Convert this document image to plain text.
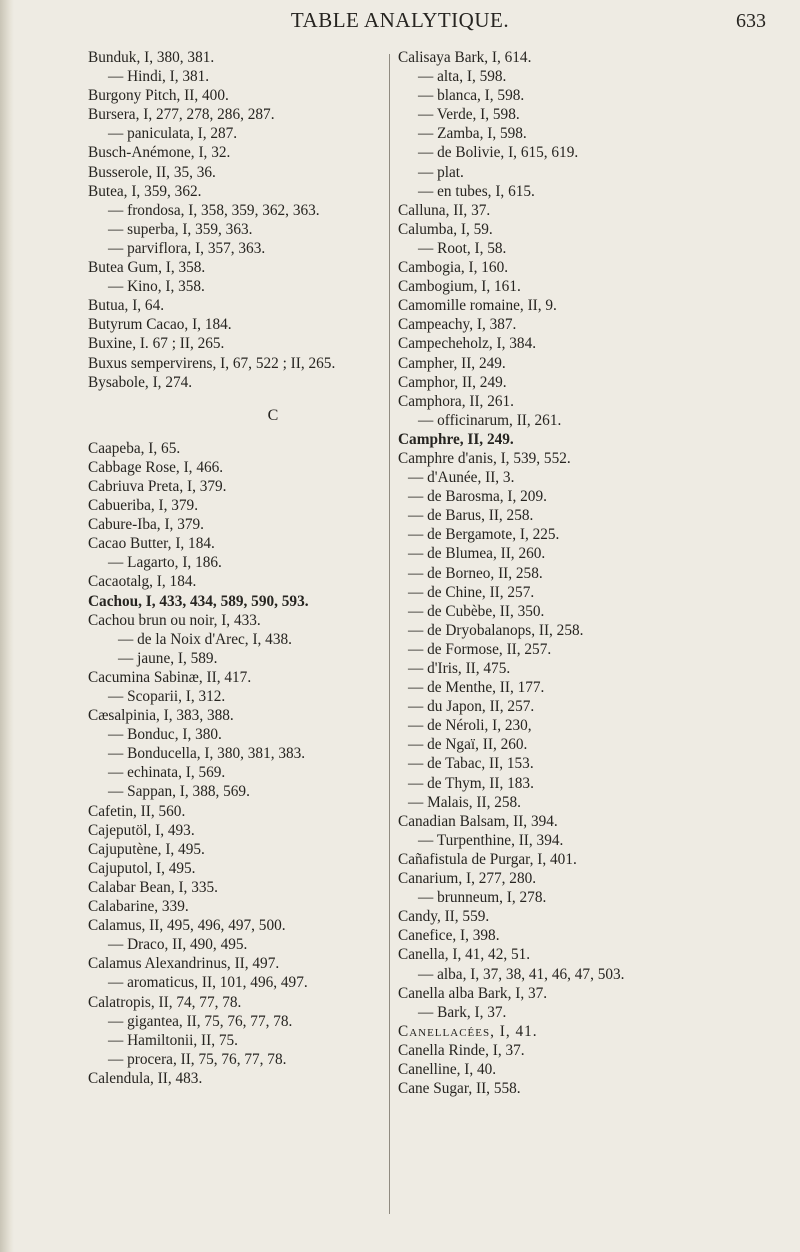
TABLE ANALYTIQUE.	633
Bunduk, I, 380, 381.
— Hindi, I, 381.
Burgony Pitch, II, 400.
Bursera, I, 277, 278, 286, 287.
— paniculata, I, 287.
Busch-Anémone, I, 32.
Busserole, II, 35, 36.
Butea, I, 359, 362.
— frondosa, I, 358, 359, 362, 363.
— superba, I, 359, 363.
— parviflora, I, 357, 363.
Butea Gum, I, 358.
— Kino, I, 358.
Butua, I, 64.
Butyrum Cacao, I, 184.
Buxine, I. 67 ; II, 265.
Buxus sempervirens, I, 67, 522 ; II, 265.
Bysabole, I, 274.
C
Caapeba, I, 65.
Cabbage Rose, I, 466.
Cabriuva Preta, I, 379.
Cabueriba, I, 379.
Cabure-Iba, I, 379.
Cacao Butter, I, 184.
— Lagarto, I, 186.
Cacaotalg, I, 184.
Cachou, I, 433, 434, 589, 590, 593.
Cachou brun ou noir, I, 433.
— de la Noix d'Arec, I, 438.
— jaune, I, 589.
Cacumina Sabinæ, II, 417.
— Scoparii, I, 312.
Cæsalpinia, I, 383, 388.
— Bonduc, I, 380.
— Bonducella, I, 380, 381, 383.
— echinata, I, 569.
— Sappan, I, 388, 569.
Cafetin, II, 560.
Cajeputöl, I, 493.
Cajuputène, I, 495.
Cajuputol, I, 495.
Calabar Bean, I, 335.
Calabarine, 339.
Calamus, II, 495, 496, 497, 500.
— Draco, II, 490, 495.
Calamus Alexandrinus, II, 497.
— aromaticus, II, 101, 496, 497.
Calatropis, II, 74, 77, 78.
— gigantea, II, 75, 76, 77, 78.
— Hamiltonii, II, 75.
— procera, II, 75, 76, 77, 78.
Calendula, II, 483.
Calisaya Bark, I, 614.
— alta, I, 598.
— blanca, I, 598.
— Verde, I, 598.
— Zamba, I, 598.
— de Bolivie, I, 615, 619.
— plat.
— en tubes, I, 615.
Calluna, II, 37.
Calumba, I, 59.
— Root, I, 58.
Cambogia, I, 160.
Cambogium, I, 161.
Camomille romaine, II, 9.
Campeachy, I, 387.
Campecheholz, I, 384.
Campher, II, 249.
Camphor, II, 249.
Camphora, II, 261.
— officinarum, II, 261.
Camphre, II, 249.
Camphre d'anis, I, 539, 552.
— d'Aunée, II, 3.
— de Barosma, I, 209.
— de Barus, II, 258.
— de Bergamote, I, 225.
— de Blumea, II, 260.
— de Borneo, II, 258.
— de Chine, II, 257.
— de Cubèbe, II, 350.
— de Dryobalanops, II, 258.
— de Formose, II, 257.
— d'Iris, II, 475.
— de Menthe, II, 177.
— du Japon, II, 257.
— de Néroli, I, 230,
— de Ngaï, II, 260.
— de Tabac, II, 153.
— de Thym, II, 183.
— Malais, II, 258.
Canadian Balsam, II, 394.
— Turpenthine, II, 394.
Cañafistula de Purgar, I, 401.
Canarium, I, 277, 280.
— brunneum, I, 278.
Candy, II, 559.
Canefice, I, 398.
Canella, I, 41, 42, 51.
— alba, I, 37, 38, 41, 46, 47, 503.
Canella alba Bark, I, 37.
— Bark, I, 37.
Canellacées, I, 41.
Canella Rinde, I, 37.
Canelline, I, 40.
Cane Sugar, II, 558.
